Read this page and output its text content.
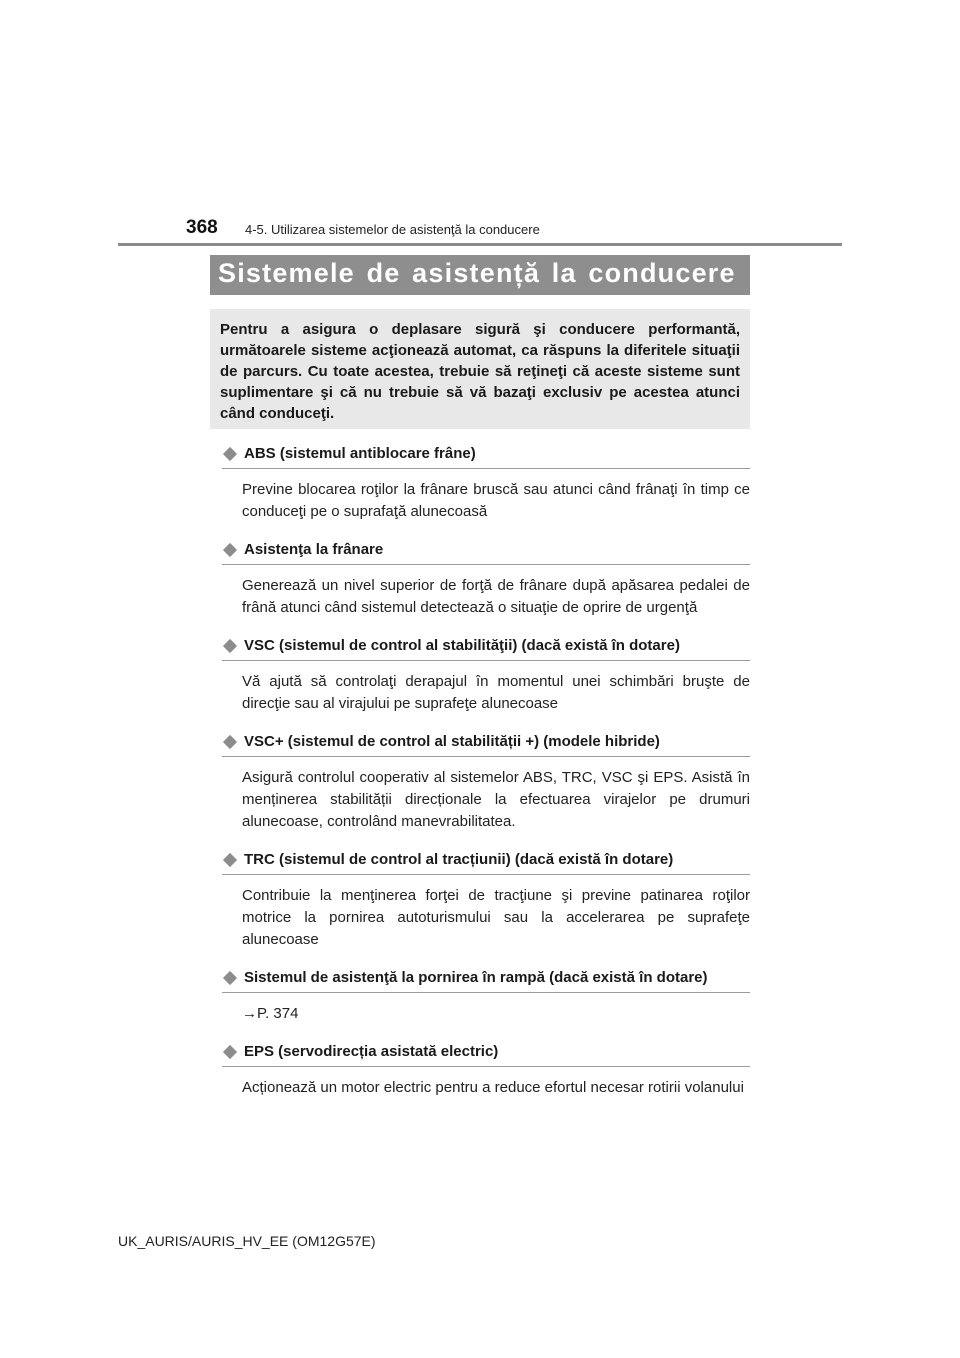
368 4-5. Utilizarea sistemelor de asistenţă la conducere
Sistemele de asistență la conducere
Pentru a asigura o deplasare sigură şi conducere performantă, următoarele sisteme acţionează automat, ca răspuns la diferitele situaţii de parcurs. Cu toate acestea, trebuie să reţineţi că aceste sisteme sunt suplimentare şi că nu trebuie să vă bazaţi exclusiv pe acestea atunci când conduceţi.
ABS (sistemul antiblocare frâne)
Previne blocarea roţilor la frânare bruscă sau atunci când frânaţi în timp ce conduceţi pe o suprafaţă alunecoasă
Asistenţa la frânare
Generează un nivel superior de forţă de frânare după apăsarea pedalei de frână atunci când sistemul detectează o situaţie de oprire de urgenţă
VSC (sistemul de control al stabilităţii) (dacă există în dotare)
Vă ajută să controlaţi derapajul în momentul unei schimbări bruşte de direcţie sau al virajului pe suprafeţe alunecoase
VSC+ (sistemul de control al stabilității +) (modele hibride)
Asigură controlul cooperativ al sistemelor ABS, TRC, VSC şi EPS. Asistă în menținerea stabilității direcționale la efectuarea virajelor pe drumuri alunecoase, controlând manevrabilitatea.
TRC (sistemul de control al tracțiunii) (dacă există în dotare)
Contribuie la menţinerea forţei de tracţiune şi previne patinarea roţilor motrice la pornirea autoturismului sau la accelerarea pe suprafeţe alunecoase
Sistemul de asistenţă la pornirea în rampă (dacă există în dotare)
→P. 374
EPS (servodirecția asistată electric)
Acționează un motor electric pentru a reduce efortul necesar rotirii volanului
UK_AURIS/AURIS_HV_EE (OM12G57E)
